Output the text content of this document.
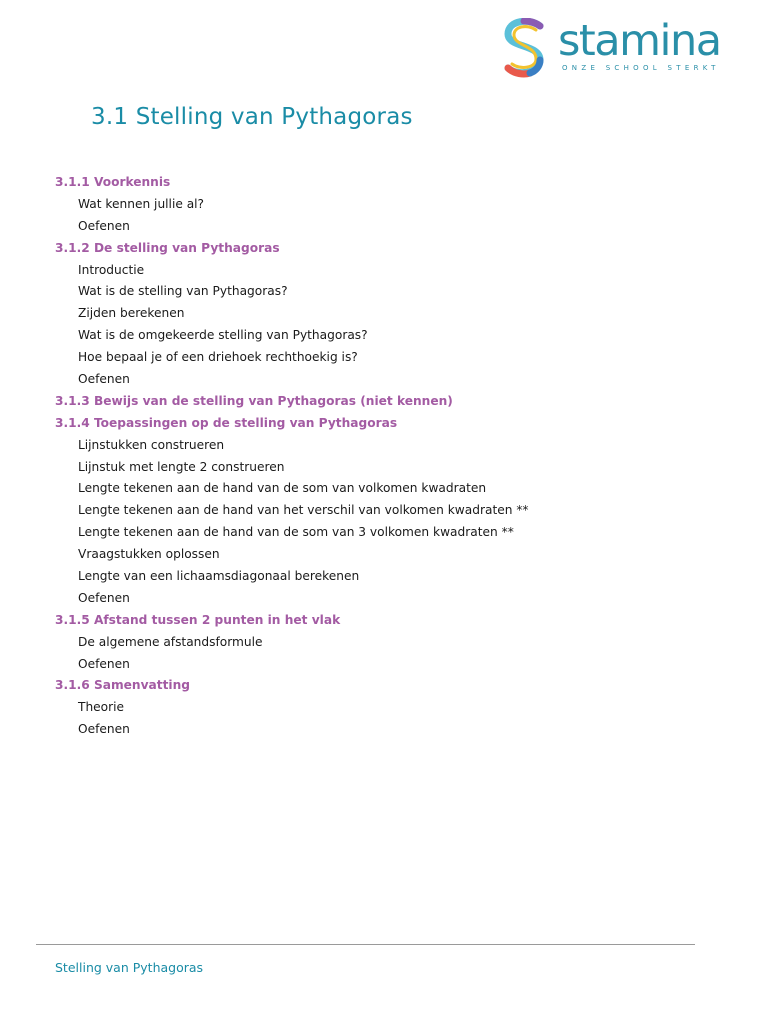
stamina
ONZE SCHOOL STERKT
3.1 Stelling van Pythagoras
3.1.1 Voorkennis
Wat kennen jullie al?
Oefenen
3.1.2 De stelling van Pythagoras
Introductie
Wat is de stelling van Pythagoras?
Zijden berekenen
Wat is de omgekeerde stelling van Pythagoras?
Hoe bepaal je of een driehoek rechthoekig is?
Oefenen
3.1.3 Bewijs van de stelling van Pythagoras (niet kennen)
3.1.4 Toepassingen op de stelling van Pythagoras
Lijnstukken construeren
Lijnstuk met lengte 2 construeren
Lengte tekenen aan de hand van de som van volkomen kwadraten
Lengte tekenen aan de hand van het verschil van volkomen kwadraten **
Lengte tekenen aan de hand van de som van 3 volkomen kwadraten **
Vraagstukken oplossen
Lengte van een lichaamsdiagonaal berekenen
Oefenen
3.1.5 Afstand tussen 2 punten in het vlak
De algemene afstandsformule
Oefenen
3.1.6 Samenvatting
Theorie
Oefenen
Stelling van Pythagoras
